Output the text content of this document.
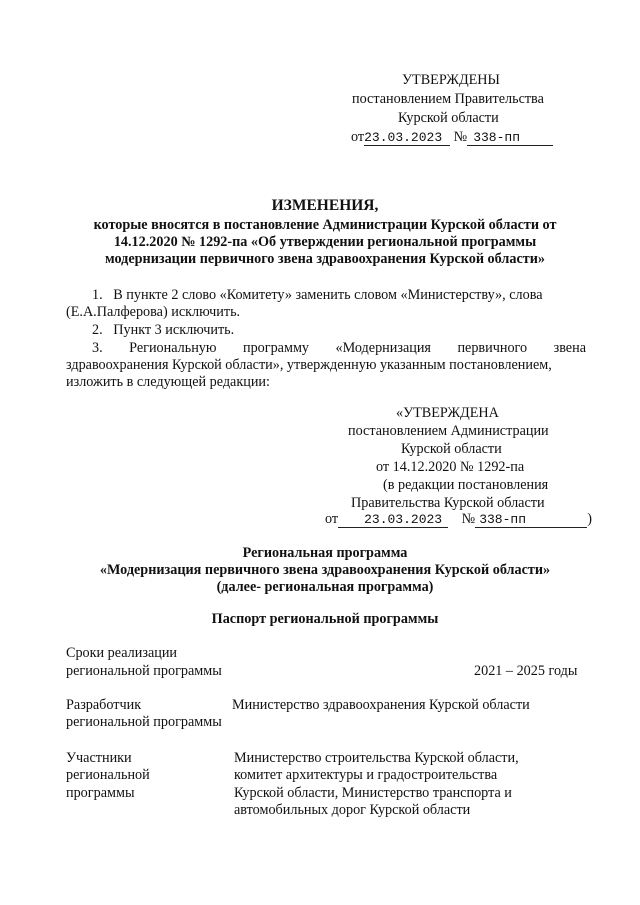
УТВЕРЖДЕНЫ
постановлением Правительства
Курской области
от23.03.2023 № 338-пп
ИЗМЕНЕНИЯ,
которые вносятся в постановление Администрации Курской области от
14.12.2020 № 1292-па «Об утверждении региональной программы
модернизации первичного звена здравоохранения Курской области»
1.  В пункте 2 слово «Комитету» заменить словом «Министерству», слова
(Е.А.Палферова) исключить.
2.  Пункт 3 исключить.
3. Региональную программу «Модернизация первичного звена
здравоохранения Курской области», утвержденную указанным постановлением,
изложить в следующей редакции:
«УТВЕРЖДЕНА
постановлением Администрации
Курской области
от 14.12.2020 № 1292-па
(в редакции постановления
Правительства Курской области
от 23.03.2023 № 338-пп	)
Региональная программа
«Модернизация первичного звена здравоохранения Курской области»
(далее- региональная программа)
Паспорт региональной программы
Сроки реализации
региональной программы	2021 – 2025 годы
Разработчик
региональной программы
Министерство здравоохранения Курской области
Участники
региональной
программы
Министерство строительства Курской области,
комитет архитектуры и градостроительства
Курской области, Министерство транспорта и
автомобильных дорог Курской области
